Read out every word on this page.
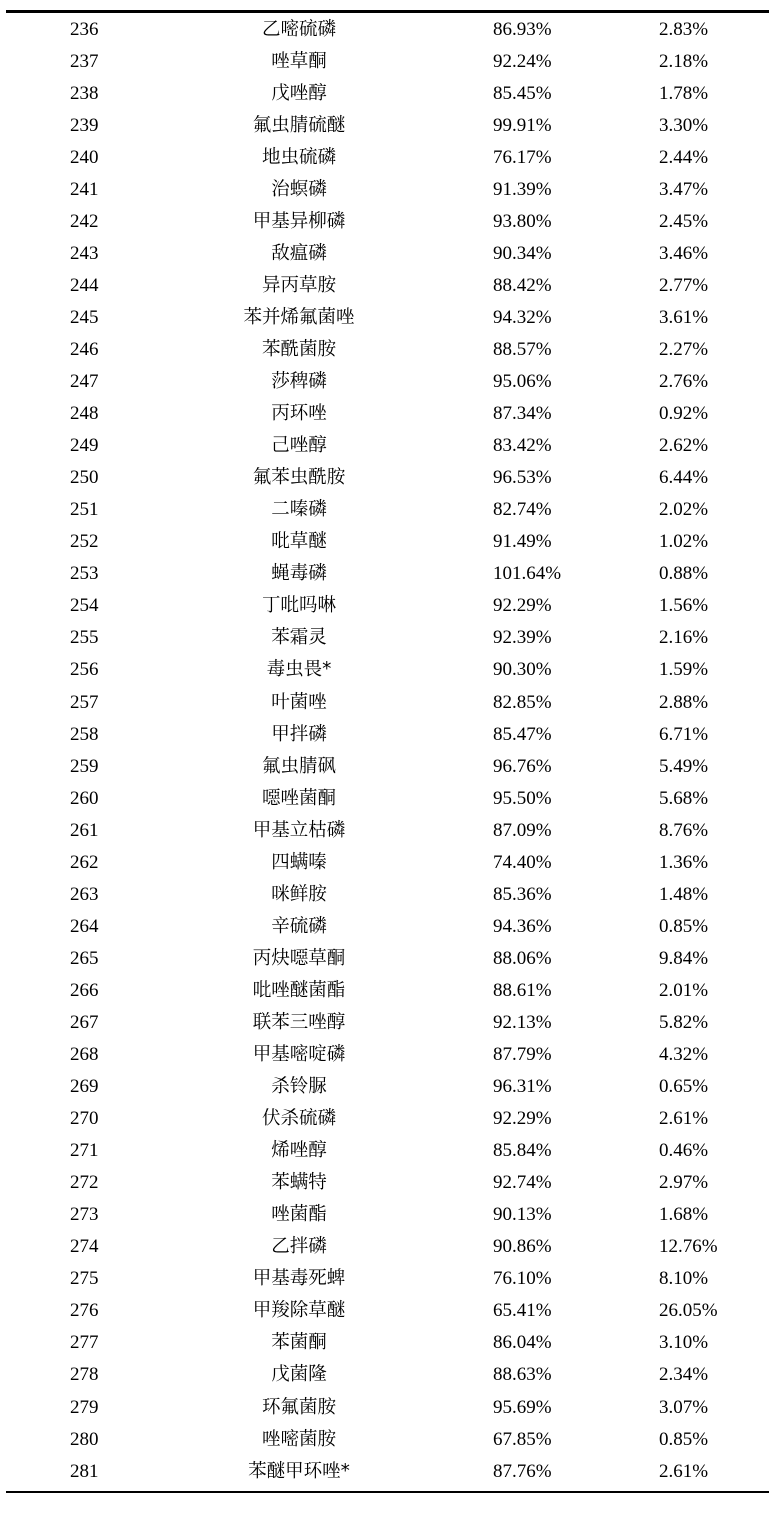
236	乙嘧硫磷	86.93%	2.83%
237	唑草酮	92.24%	2.18%
238	戊唑醇	85.45%	1.78%
239	氟虫腈硫醚	99.91%	3.30%
240	地虫硫磷	76.17%	2.44%
241	治螟磷	91.39%	3.47%
242	甲基异柳磷	93.80%	2.45%
243	敌瘟磷	90.34%	3.46%
244	异丙草胺	88.42%	2.77%
245	苯并烯氟菌唑	94.32%	3.61%
246	苯酰菌胺	88.57%	2.27%
247	莎稗磷	95.06%	2.76%
248	丙环唑	87.34%	0.92%
249	己唑醇	83.42%	2.62%
250	氟苯虫酰胺	96.53%	6.44%
251	二嗪磷	82.74%	2.02%
252	吡草醚	91.49%	1.02%
253	蝇毒磷	101.64%	0.88%
254	丁吡吗啉	92.29%	1.56%
255	苯霜灵	92.39%	2.16%
256	毒虫畏*	90.30%	1.59%
257	叶菌唑	82.85%	2.88%
258	甲拌磷	85.47%	6.71%
259	氟虫腈砜	96.76%	5.49%
260	噁唑菌酮	95.50%	5.68%
261	甲基立枯磷	87.09%	8.76%
262	四螨嗪	74.40%	1.36%
263	咪鲜胺	85.36%	1.48%
264	辛硫磷	94.36%	0.85%
265	丙炔噁草酮	88.06%	9.84%
266	吡唑醚菌酯	88.61%	2.01%
267	联苯三唑醇	92.13%	5.82%
268	甲基嘧啶磷	87.79%	4.32%
269	杀铃脲	96.31%	0.65%
270	伏杀硫磷	92.29%	2.61%
271	烯唑醇	85.84%	0.46%
272	苯螨特	92.74%	2.97%
273	唑菌酯	90.13%	1.68%
274	乙拌磷	90.86%	12.76%
275	甲基毒死蜱	76.10%	8.10%
276	甲羧除草醚	65.41%	26.05%
277	苯菌酮	86.04%	3.10%
278	戊菌隆	88.63%	2.34%
279	环氟菌胺	95.69%	3.07%
280	唑嘧菌胺	67.85%	0.85%
281	苯醚甲环唑*	87.76%	2.61%
